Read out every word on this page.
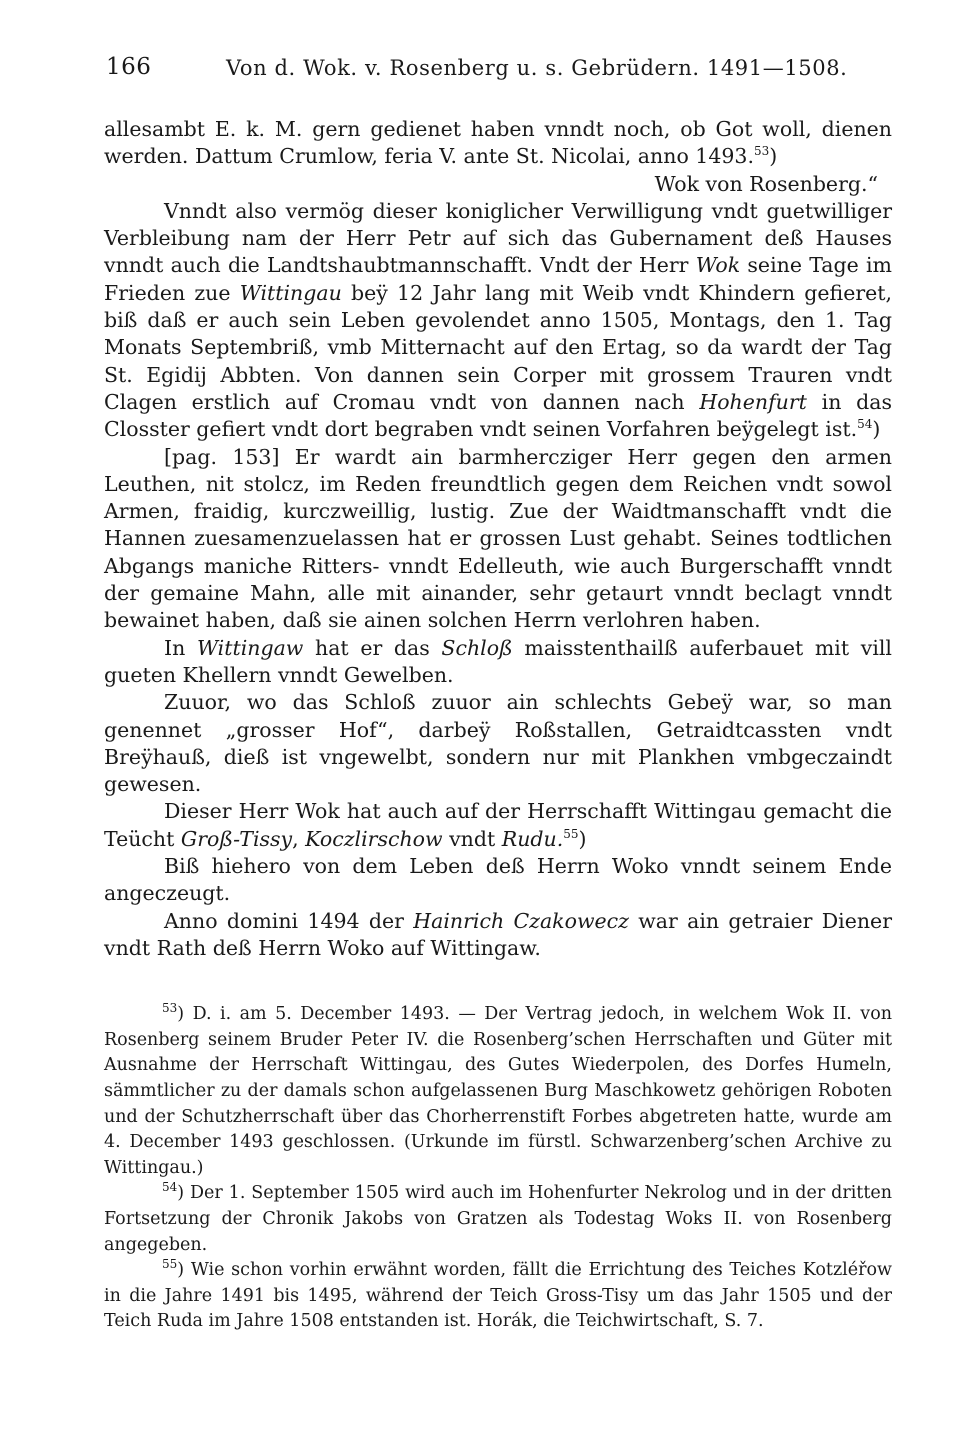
166	Von d. Wok. v. Rosenberg u. s. Gebrüdern. 1491—1508.

allesambt E. k. M. gern gedienet haben vnndt noch, ob Got woll, dienen werden. Dattum Crumlow, feria V. ante St. Nicolai, anno 1493.53)

Wok von Rosenberg.“

Vnndt also vermög dieser koniglicher Verwilligung vndt guetwilliger Verbleibung nam der Herr Petr auf sich das Gubernament deß Hauses vnndt auch die Landtshaubtmannschafft. Vndt der Herr Wok seine Tage im Frieden zue Wittingau beÿ 12 Jahr lang mit Weib vndt Khindern gefieret, biß daß er auch sein Leben gevolendet anno 1505, Montags, den 1. Tag Monats Septembriß, vmb Mitternacht auf den Ertag, so da wardt der Tag St. Egidij Abbten. Von dannen sein Corper mit grossem Trauren vndt Clagen erstlich auf Cromau vndt von dannen nach Hohenfurt in das Closster gefiert vndt dort begraben vndt seinen Vorfahren beÿgelegt ist.$^{54}$)

[pag. 153] Er wardt ain barmhercziger Herr gegen den armen Leuthen, nit stolcz, im Reden freundtlich gegen dem Reichen vndt sowol Armen, fraidig, kurczweillig, lustig. Zue der Waidtmanschafft vndt die Hannen zuesamenzuelassen hat er grossen Lust gehabt. Seines todtlichen Abgangs maniche Ritters- vnndt Edelleuth, wie auch Burgerschafft vnndt der gemaine Mahn, alle mit ainander, sehr getaurt vnndt beclagt vnndt bewainet haben, daß sie ainen solchen Herrn verlohren haben.

In Wittingaw hat er das Schloß maisstenthailß auferbauet mit vill gueten Khellern vnndt Gewelben.

Zuuor, wo das Schloß zuuor ain schlechts Gebeÿ war, so man genennet „grosser Hof“, darbeÿ Roßstallen, Getraidtcassten vndt Breÿhauß, dieß ist vngewelbt, sondern nur mit Plankhen vmbgeczaindt gewesen.

Dieser Herr Wok hat auch auf der Herrschafft Wittingau gemacht die Teücht Groß-Tissy, Koczlirschow vndt Rudu.$^{55}$)

Biß hiehero von dem Leben deß Herrn Woko vnndt seinem Ende angeczeugt.

Anno domini 1494 der Hainrich Czakowecz war ain getraier Diener vndt Rath deß Herrn Woko auf Wittingaw.

$^{53}$) D. i. am 5. December 1493. — Der Vertrag jedoch, in welchem Wok II. von Rosenberg seinem Bruder Peter IV. die Rosenberg’schen Herrschaften und Güter mit Ausnahme der Herrschaft Wittingau, des Gutes Wiederpolen, des Dorfes Humeln, sämmtlicher zu der damals schon aufgelassenen Burg Maschkowetz gehörigen Roboten und der Schutzherrschaft über das Chorherrenstift Forbes abgetreten hatte, wurde am 4. December 1493 geschlossen. (Urkunde im fürstl. Schwarzenberg’schen Archive zu Wittingau.)

$^{54}$) Der 1. September 1505 wird auch im Hohenfurter Nekrolog und in der dritten Fortsetzung der Chronik Jakobs von Gratzen als Todestag Woks II. von Rosenberg angegeben.

$^{55}$) Wie schon vorhin erwähnt worden, fällt die Errichtung des Teiches Kotzléřow in die Jahre 1491 bis 1495, während der Teich Gross-Tisy um das Jahr 1505 und der Teich Ruda im Jahre 1508 entstanden ist. Horák, die Teichwirtschaft, S. 7.
